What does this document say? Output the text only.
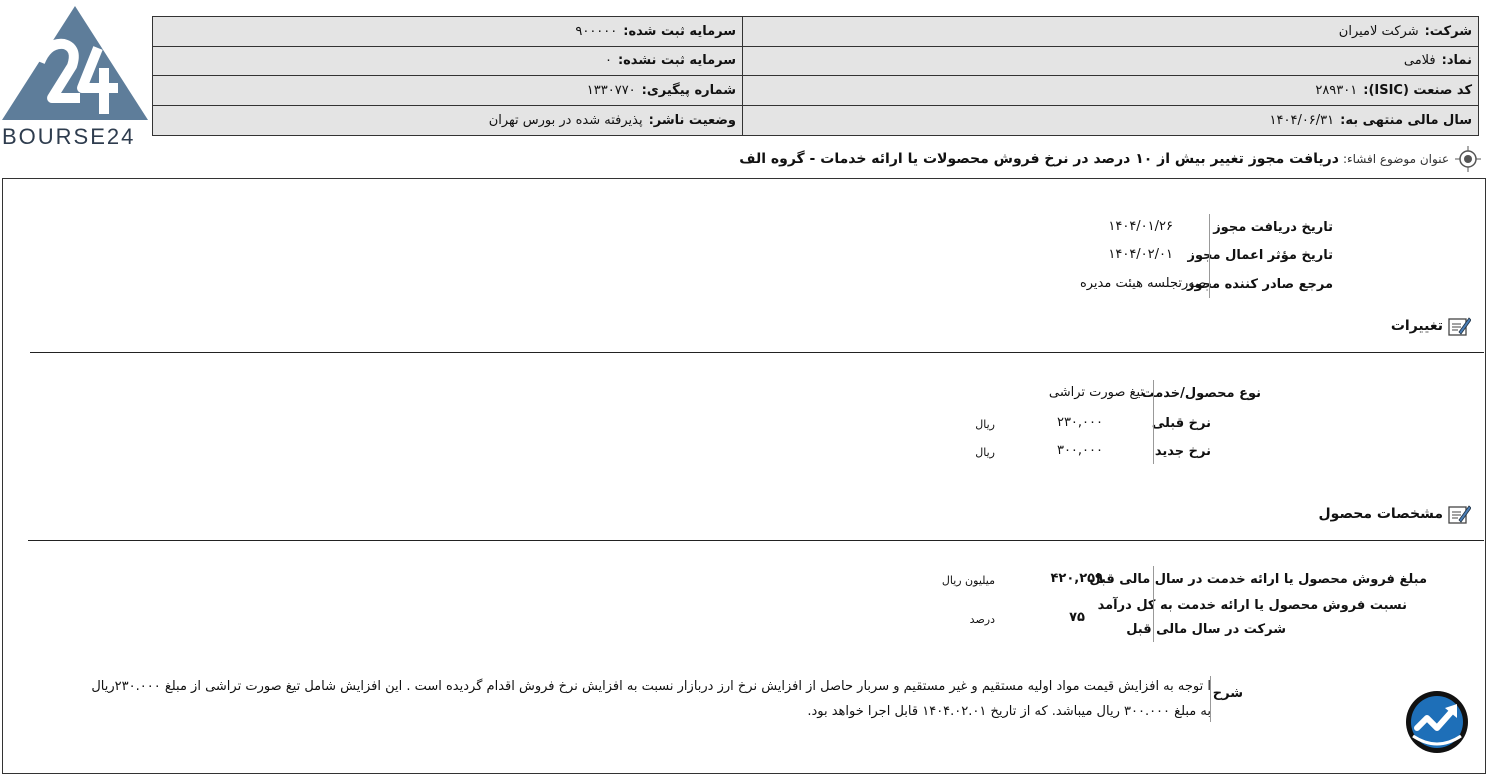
BOURSE24
شرکت:
شرکت لامیران
سرمایه ثبت شده:
۹۰۰۰۰۰
نماد:
فلامی
سرمایه ثبت نشده:
۰
کد صنعت (ISIC):
۲۸۹۳۰۱
شماره پیگیری:
۱۳۳۰۷۷۰
سال مالی منتهی به:
۱۴۰۴/۰۶/۳۱
وضعیت ناشر:
پذیرفته شده در بورس تهران
عنوان موضوع افشاء:
دریافت مجوز تغییر بیش از ۱۰ درصد در نرخ فروش محصولات یا ارائه خدمات - گروه الف
تاریخ دریافت مجوز
۱۴۰۴/۰۱/۲۶
تاریخ مؤثر اعمال مجوز
۱۴۰۴/۰۲/۰۱
مرجع صادر کننده مجوز
صورتجلسه هیئت مدیره
تغییرات
نوع محصول/خدمت
تیغ صورت تراشی
نرخ قبلی
۲۳۰,۰۰۰
ریال
نرخ جدید
۳۰۰,۰۰۰
ریال
مشخصات محصول
مبلغ فروش محصول یا ارائه خدمت در سال مالی قبل
۴۲۰,۲۵۹
میلیون ریال
نسبت فروش محصول یا ارائه خدمت به کل درآمد
شرکت در سال مالی قبل
۷۵
درصد
شرح
ا توجه به افزایش قیمت مواد اولیه مستقیم و غیر مستقیم و سربار حاصل از افزایش نرخ ارز دربازار نسبت به افزایش نرخ فروش اقدام گردیده است . این افزایش شامل تیغ صورت تراشی از مبلغ ۲۳۰.۰۰۰ریال
به مبلغ ۳۰۰.۰۰۰ ریال میباشد. که از تاریخ ۱۴۰۴.۰۲.۰۱ قابل اجرا خواهد بود.
